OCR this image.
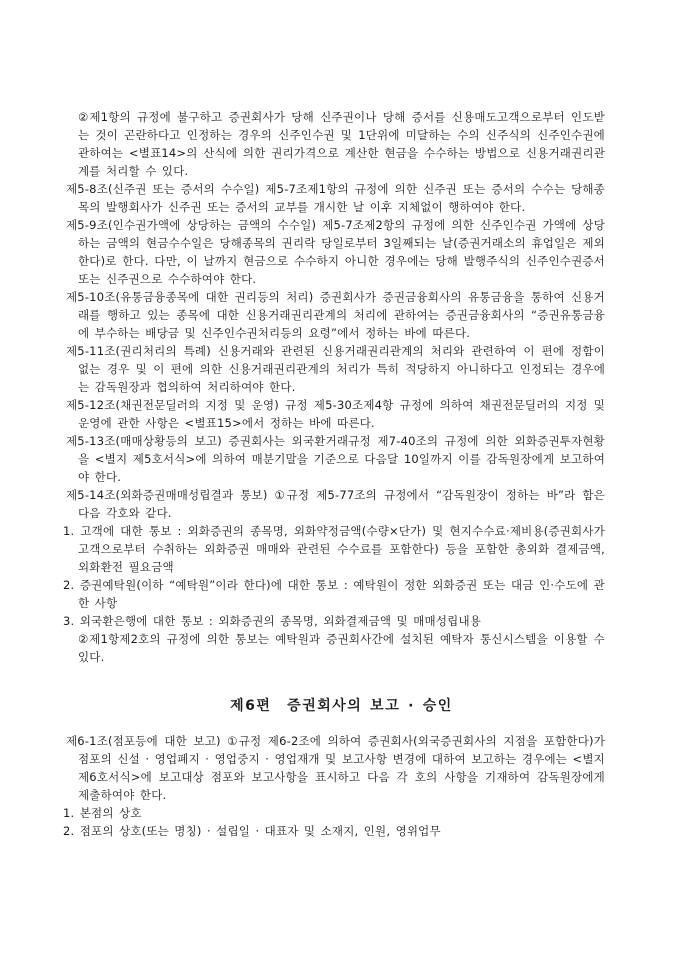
②제1항의 규정에 불구하고 증권회사가 당해 신주권이나 당해 증서를 신용매도고객으로부터 인도받는 것이 곤란하다고 인정하는 경우의 신주인수권 및 1단위에 미달하는 수의 신주식의 신주인수권에 관하여는 <별표14>의 산식에 의한 권리가격으로 계산한 현금을 수수하는 방법으로 신용거래권리관계를 처리할 수 있다.

제5-8조(신주권 또는 증서의 수수일) 제5-7조제1항의 규정에 의한 신주권 또는 증서의 수수는 당해종목의 발행회사가 신주권 또는 증서의 교부를 개시한 날 이후 지체없이 행하여야 한다.

제5-9조(인수권가액에 상당하는 금액의 수수일) 제5-7조제2항의 규정에 의한 신주인수권 가액에 상당하는 금액의 현금수수일은 당해종목의 권리락 당일로부터 3일째되는 날(증권거래소의 휴업일은 제외한다)로 한다. 다만, 이 날까지 현금으로 수수하지 아니한 경우에는 당해 발행주식의 신주인수권증서 또는 신주권으로 수수하여야 한다.

제5-10조(유통금융종목에 대한 권리등의 처리) 증권회사가 증권금융회사의 유통금융을 통하여 신용거래를 행하고 있는 종목에 대한 신용거래권리관계의 처리에 관하여는 증권금융회사의 “증권유통금융에 부수하는 배당금 및 신주인수권처리등의 요령”에서 정하는 바에 따른다.

제5-11조(권리처리의 특례) 신용거래와 관련된 신용거래권리관계의 처리와 관련하여 이 편에 정함이 없는 경우 및 이 편에 의한 신용거래권리관계의 처리가 특히 적당하지 아니하다고 인정되는 경우에는 감독원장과 협의하여 처리하여야 한다.

제5-12조(채권전문딜러의 지정 및 운영) 규정 제5-30조제4항 규정에 의하여 채권전문딜러의 지정 및 운영에 관한 사항은 <별표15>에서 정하는 바에 따른다.

제5-13조(매매상황등의 보고) 증권회사는 외국환거래규정 제7-40조의 규정에 의한 외화증권투자현황을 <별지 제5호서식>에 의하여 매분기말을 기준으로 다음달 10일까지 이를 감독원장에게 보고하여야 한다.

제5-14조(외화증권매매성립결과 통보) ①규정 제5-77조의 규정에서 “감독원장이 정하는 바”라 함은 다음 각호와 같다.

1. 고객에 대한 통보 : 외화증권의 종목명, 외화약정금액(수량×단가) 및 현지수수료·제비용(증권회사가 고객으로부터 수취하는 외화증권 매매와 관련된 수수료를 포함한다) 등을 포함한 총외화 결제금액, 외화환전 필요금액

2. 증권예탁원(이하 “예탁원”이라 한다)에 대한 통보 : 예탁원이 정한 외화증권 또는 대금 인·수도에 관한 사항

3. 외국환은행에 대한 통보 : 외화증권의 종목명, 외화결제금액 및 매매성립내용

②제1항제2호의 규정에 의한 통보는 예탁원과 증권회사간에 설치된 예탁자 통신시스템을 이용할 수 있다.

제6편  증권회사의 보고 · 승인

제6-1조(점포등에 대한 보고) ①규정 제6-2조에 의하여 증권회사(외국증권회사의 지점을 포함한다)가 점포의 신설 · 영업폐지 · 영업중지 · 영업재개 및 보고사항 변경에 대하여 보고하는 경우에는 <별지 제6호서식>에 보고대상 점포와 보고사항을 표시하고 다음 각 호의 사항을 기재하여 감독원장에게 제출하여야 한다.

1. 본점의 상호

2. 점포의 상호(또는 명칭) · 설립일 · 대표자 및 소재지, 인원, 영위업무
